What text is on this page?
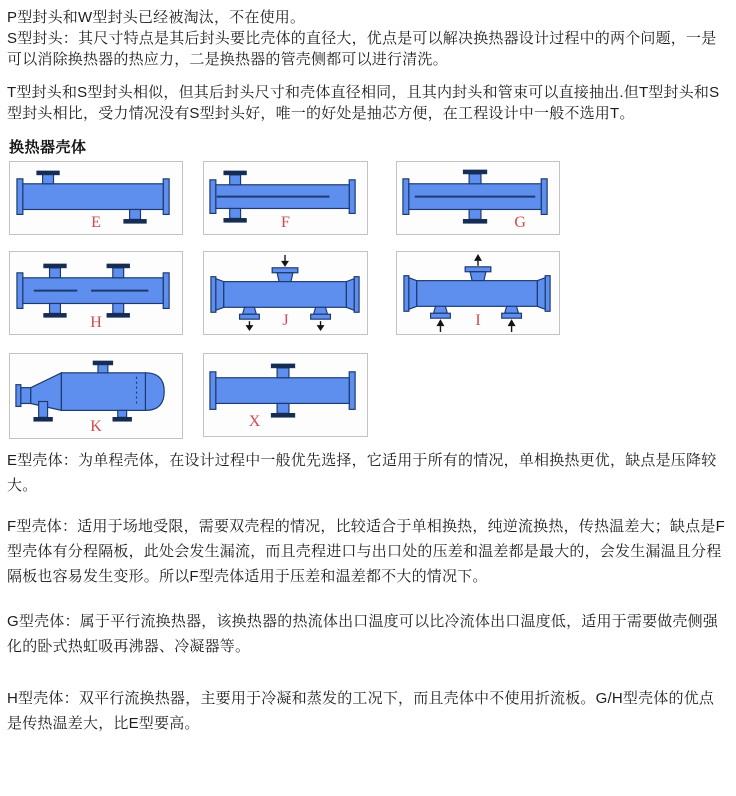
P型封头和W型封头已经被淘汰，不在使用。

S型封头：其尺寸特点是其后封头要比壳体的直径大，优点是可以解决换热器设计过程中的两个问题，一是可以消除换热器的热应力，二是换热器的管壳侧都可以进行清洗。

T型封头和S型封头相似，但其后封头尺寸和壳体直径相同，且其内封头和管束可以直接抽出.但T型封头和S型封头相比，受力情况没有S型封头好，唯一的好处是抽芯方便，在工程设计中一般不选用T。

换热器壳体
E	F	G
H	J	I
K	X

E型壳体：为单程壳体，在设计过程中一般优先选择，它适用于所有的情况，单相换热更优，缺点是压降较大。

F型壳体：适用于场地受限，需要双壳程的情况，比较适合于单相换热，纯逆流换热，传热温差大；缺点是F型壳体有分程隔板，此处会发生漏流，而且壳程进口与出口处的压差和温差都是最大的，会发生漏温且分程隔板也容易发生变形。所以F型壳体适用于压差和温差都不大的情况下。

G型壳体：属于平行流换热器，该换热器的热流体出口温度可以比冷流体出口温度低，适用于需要做壳侧强化的卧式热虹吸再沸器、冷凝器等。

H型壳体：双平行流换热器，主要用于冷凝和蒸发的工况下，而且壳体中不使用折流板。G/H型壳体的优点是传热温差大，比E型要高。
